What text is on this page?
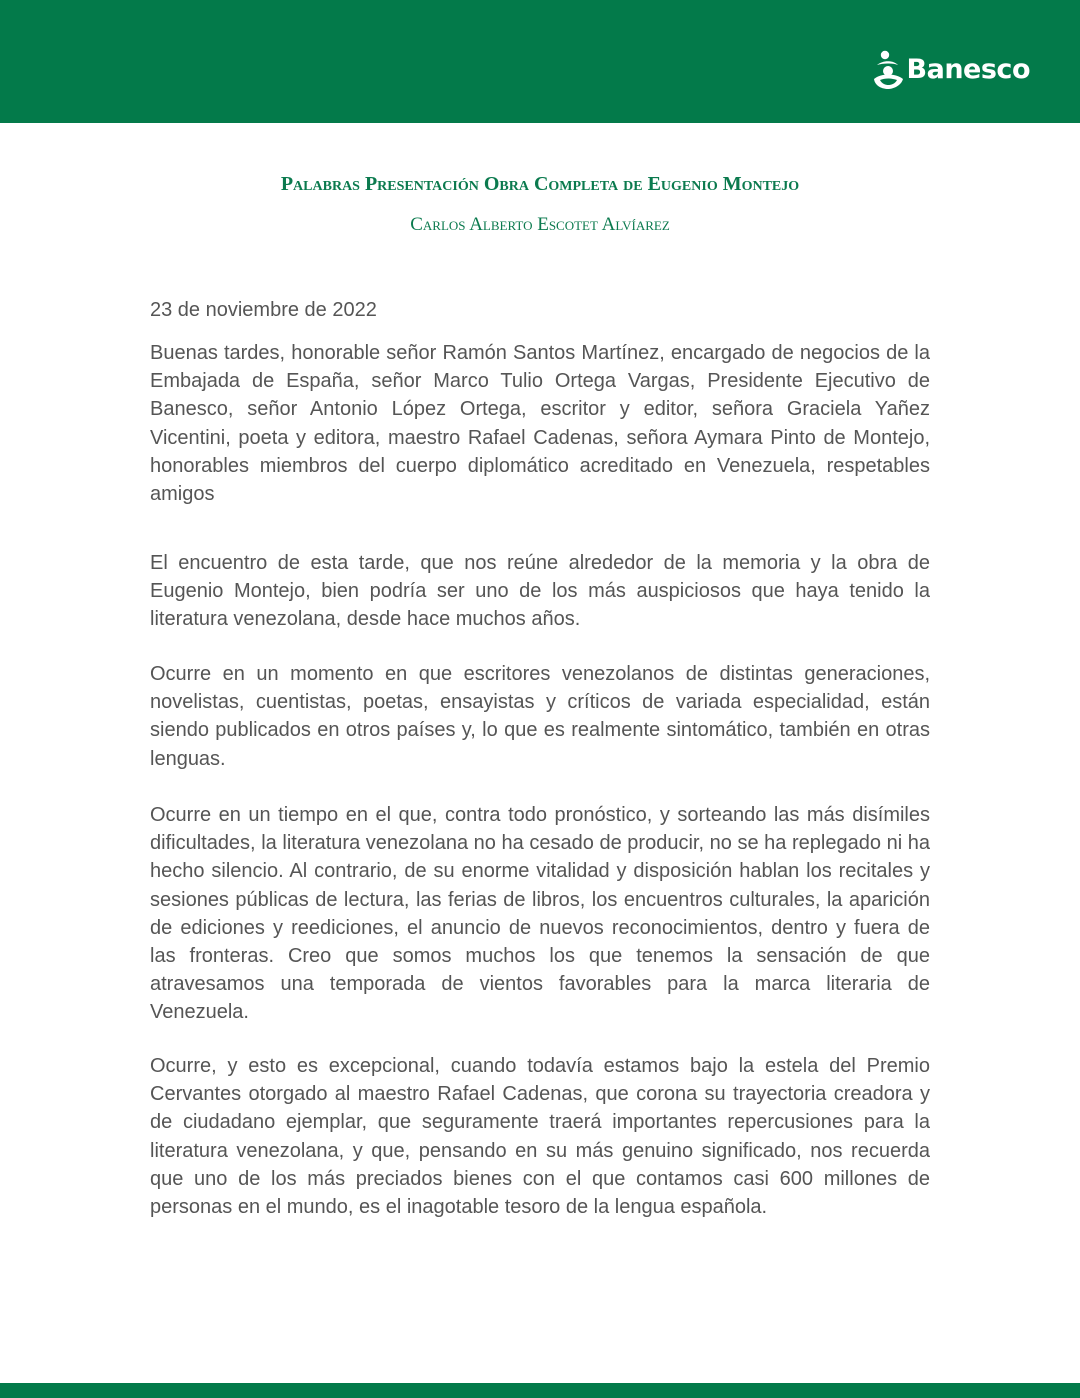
Banesco
Palabras Presentación Obra Completa de Eugenio Montejo
Carlos Alberto Escotet Alvíarez
23 de noviembre de 2022

Buenas tardes, honorable señor Ramón Santos Martínez, encargado de negocios de la Embajada de España, señor Marco Tulio Ortega Vargas, Presidente Ejecutivo de Banesco, señor Antonio López Ortega, escritor y editor, señora Graciela Yañez Vicentini, poeta y editora, maestro Rafael Cadenas, señora Aymara Pinto de Montejo, honorables miembros del cuerpo diplomático acreditado en Venezuela, respetables amigos

El encuentro de esta tarde, que nos reúne alrededor de la memoria y la obra de Eugenio Montejo, bien podría ser uno de los más auspiciosos que haya tenido la literatura venezolana, desde hace muchos años.

Ocurre en un momento en que escritores venezolanos de distintas generaciones, novelistas, cuentistas, poetas, ensayistas y críticos de variada especialidad, están siendo publicados en otros países y, lo que es realmente sintomático, también en otras lenguas.

Ocurre en un tiempo en el que, contra todo pronóstico, y sorteando las más disímiles dificultades, la literatura venezolana no ha cesado de producir, no se ha replegado ni ha hecho silencio. Al contrario, de su enorme vitalidad y disposición hablan los recitales y sesiones públicas de lectura, las ferias de libros, los encuentros culturales, la aparición de ediciones y reediciones, el anuncio de nuevos reconocimientos, dentro y fuera de las fronteras. Creo que somos muchos los que tenemos la sensación de que atravesamos una temporada de vientos favorables para la marca literaria de Venezuela.

Ocurre, y esto es excepcional, cuando todavía estamos bajo la estela del Premio Cervantes otorgado al maestro Rafael Cadenas, que corona su trayectoria creadora y de ciudadano ejemplar, que seguramente traerá importantes repercusiones para la literatura venezolana, y que, pensando en su más genuino significado, nos recuerda que uno de los más preciados bienes con el que contamos casi 600 millones de personas en el mundo, es el inagotable tesoro de la lengua española.
